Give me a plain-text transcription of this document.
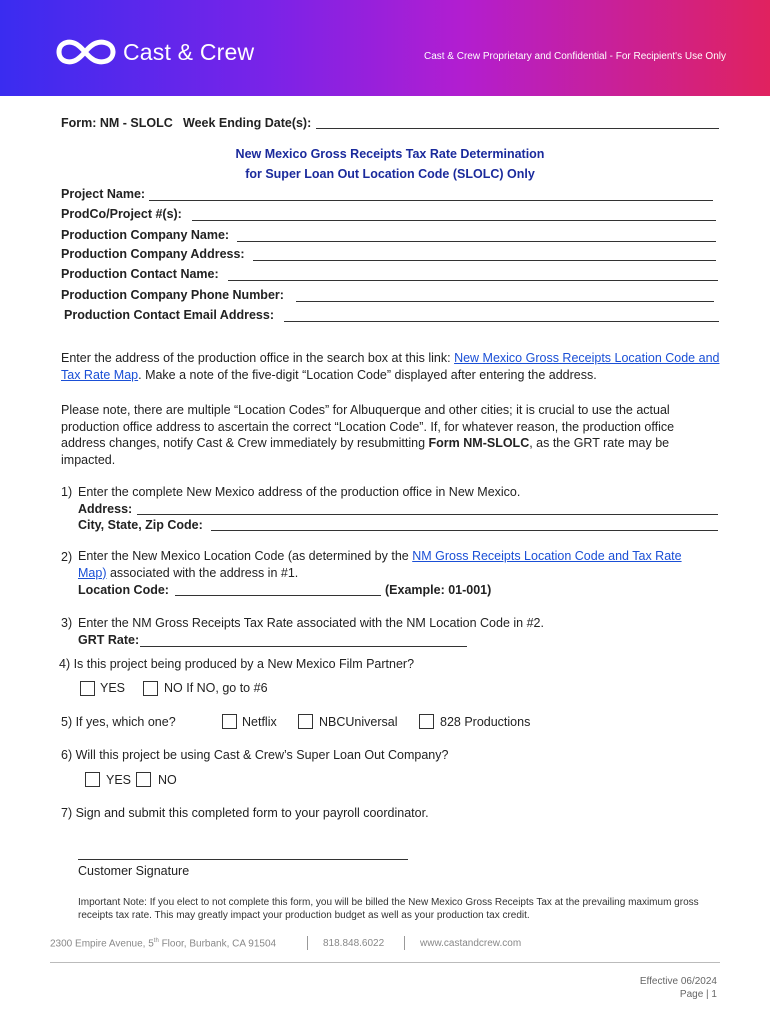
Cast & Crew	Cast & Crew Proprietary and Confidential - For Recipient's Use Only
Form: NM - SLOLC Week Ending Date(s):
New Mexico Gross Receipts Tax Rate Determination
for Super Loan Out Location Code (SLOLC) Only
Project Name:
ProdCo/Project #(s):
Production Company Name:
Production Company Address:
Production Contact Name:
Production Company Phone Number:
Production Contact Email Address:
Enter the address of the production office in the search box at this link: New Mexico Gross Receipts Location Code and Tax Rate Map. Make a note of the five-digit “Location Code” displayed after entering the address.
Please note, there are multiple “Location Codes” for Albuquerque and other cities; it is crucial to use the actual production office address to ascertain the correct “Location Code”. If, for whatever reason, the production office address changes, notify Cast & Crew immediately by resubmitting Form NM-SLOLC, as the GRT rate may be impacted.
1) Enter the complete New Mexico address of the production office in New Mexico.
Address:
City, State, Zip Code:
2) Enter the New Mexico Location Code (as determined by the NM Gross Receipts Location Code and Tax Rate Map) associated with the address in #1.
Location Code:	(Example: 01-001)
3) Enter the NM Gross Receipts Tax Rate associated with the NM Location Code in #2.
GRT Rate:
4) Is this project being produced by a New Mexico Film Partner?
YES	NO If NO, go to #6
5) If yes, which one?	Netflix	NBCUniversal	828 Productions
6) Will this project be using Cast & Crew’s Super Loan Out Company?
YES NO
7) Sign and submit this completed form to your payroll coordinator.
Customer Signature
Important Note: If you elect to not complete this form, you will be billed the New Mexico Gross Receipts Tax at the prevailing maximum gross receipts tax rate. This may greatly impact your production budget as well as your production tax credit.
2300 Empire Avenue, 5th Floor, Burbank, CA 91504	818.848.6022	www.castandcrew.com
Effective 06/2024
Page | 1
